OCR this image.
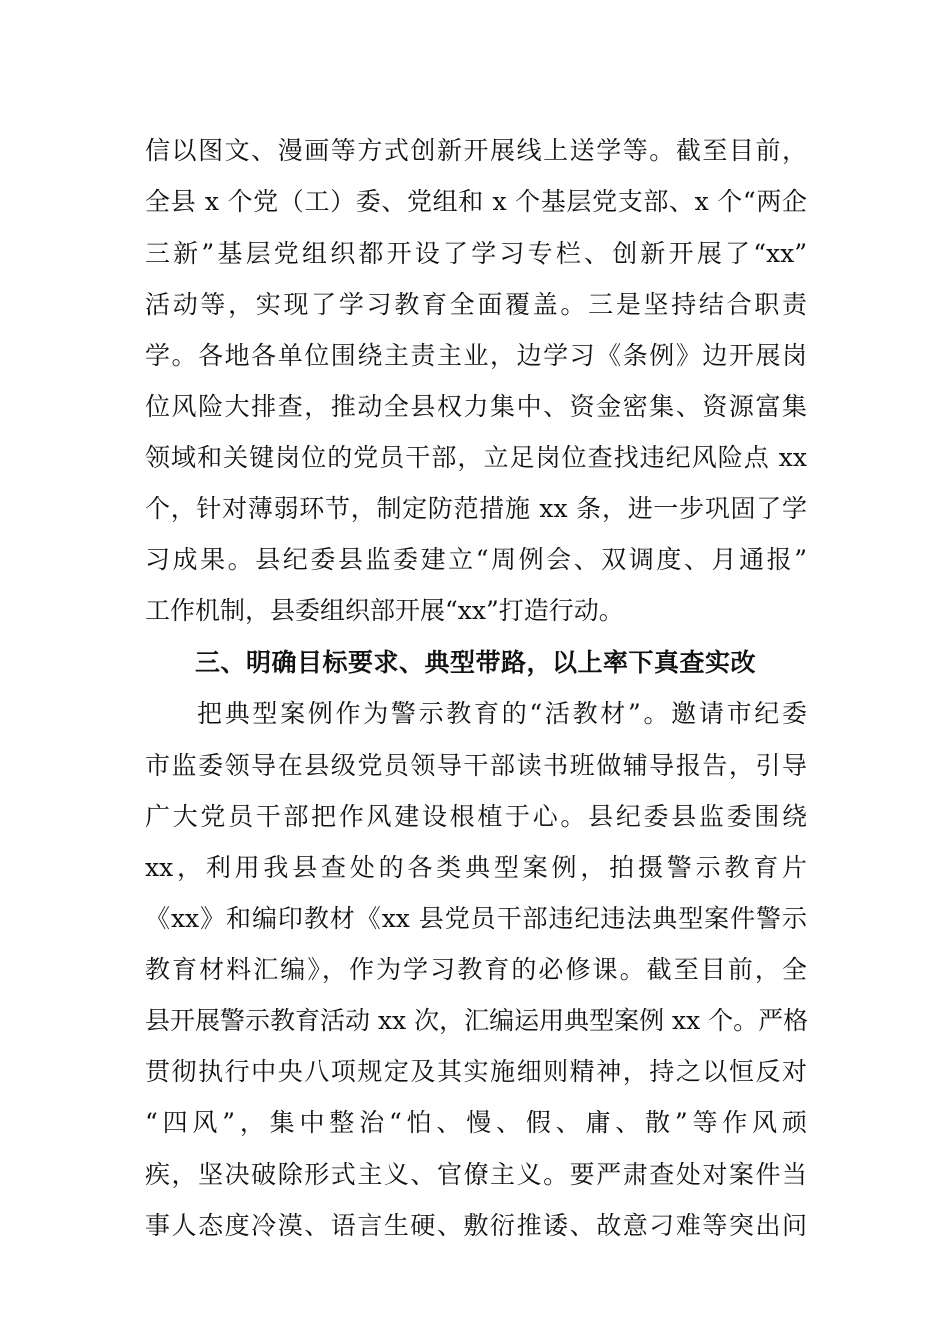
信以图文、漫画等方式创新开展线上送学等。截至目前，
全县 x 个党（工）委、党组和 x 个基层党支部、x 个“两企
三新”基层党组织都开设了学习专栏、创新开展了“xx”
活动等，实现了学习教育全面覆盖。三是坚持结合职责
学。各地各单位围绕主责主业，边学习《条例》边开展岗
位风险大排查，推动全县权力集中、资金密集、资源富集
领域和关键岗位的党员干部，立足岗位查找违纪风险点 xx
个，针对薄弱环节，制定防范措施 xx 条，进一步巩固了学
习成果。县纪委县监委建立“周例会、双调度、月通报”
工作机制，县委组织部开展“xx”打造行动。
三、明确目标要求、典型带路，以上率下真查实改
把典型案例作为警示教育的“活教材”。邀请市纪委
市监委领导在县级党员领导干部读书班做辅导报告，引导
广大党员干部把作风建设根植于心。县纪委县监委围绕
xx，利用我县查处的各类典型案例，拍摄警示教育片
《xx》和编印教材《xx 县党员干部违纪违法典型案件警示
教育材料汇编》，作为学习教育的必修课。截至目前，全
县开展警示教育活动 xx 次，汇编运用典型案例 xx 个。严格
贯彻执行中央八项规定及其实施细则精神，持之以恒反对
“四风”，集中整治“怕、慢、假、庸、散”等作风顽
疾，坚决破除形式主义、官僚主义。要严肃查处对案件当
事人态度冷漠、语言生硬、敷衍推诿、故意刁难等突出问
